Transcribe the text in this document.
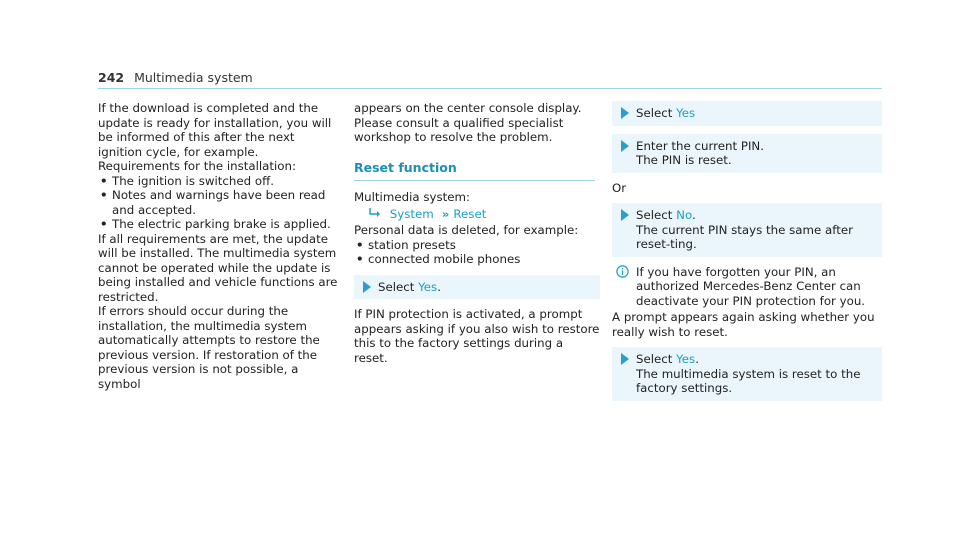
242 Multimedia system

If the download is completed and the update is ready for installation, you will be informed of this after the next ignition cycle, for example.

Requirements for the installation:

• The ignition is switched off.
• Notes and warnings have been read and accepted.
• The electric parking brake is applied.

If all requirements are met, the update will be installed. The multimedia system cannot be operated while the update is being installed and vehicle functions are restricted.

If errors should occur during the installation, the multimedia system automatically attempts to restore the previous version. If restoration of the previous version is not possible, a symbol

appears on the center console display. Please consult a qualified specialist workshop to resolve the problem.

Reset function

Multimedia system:

System » Reset

Personal data is deleted, for example:

• station presets
• connected mobile phones
Select Yes.

If PIN protection is activated, a prompt appears asking if you also wish to restore this to the factory settings during a reset.

Select Yes
Enter the current PIN.
The PIN is reset.

Or

Select No.
The current PIN stays the same after reset-ting.
If you have forgotten your PIN, an authorized Mercedes-Benz Center can deactivate your PIN protection for you.

A prompt appears again asking whether you really wish to reset.

Select Yes.
The multimedia system is reset to the factory settings.
